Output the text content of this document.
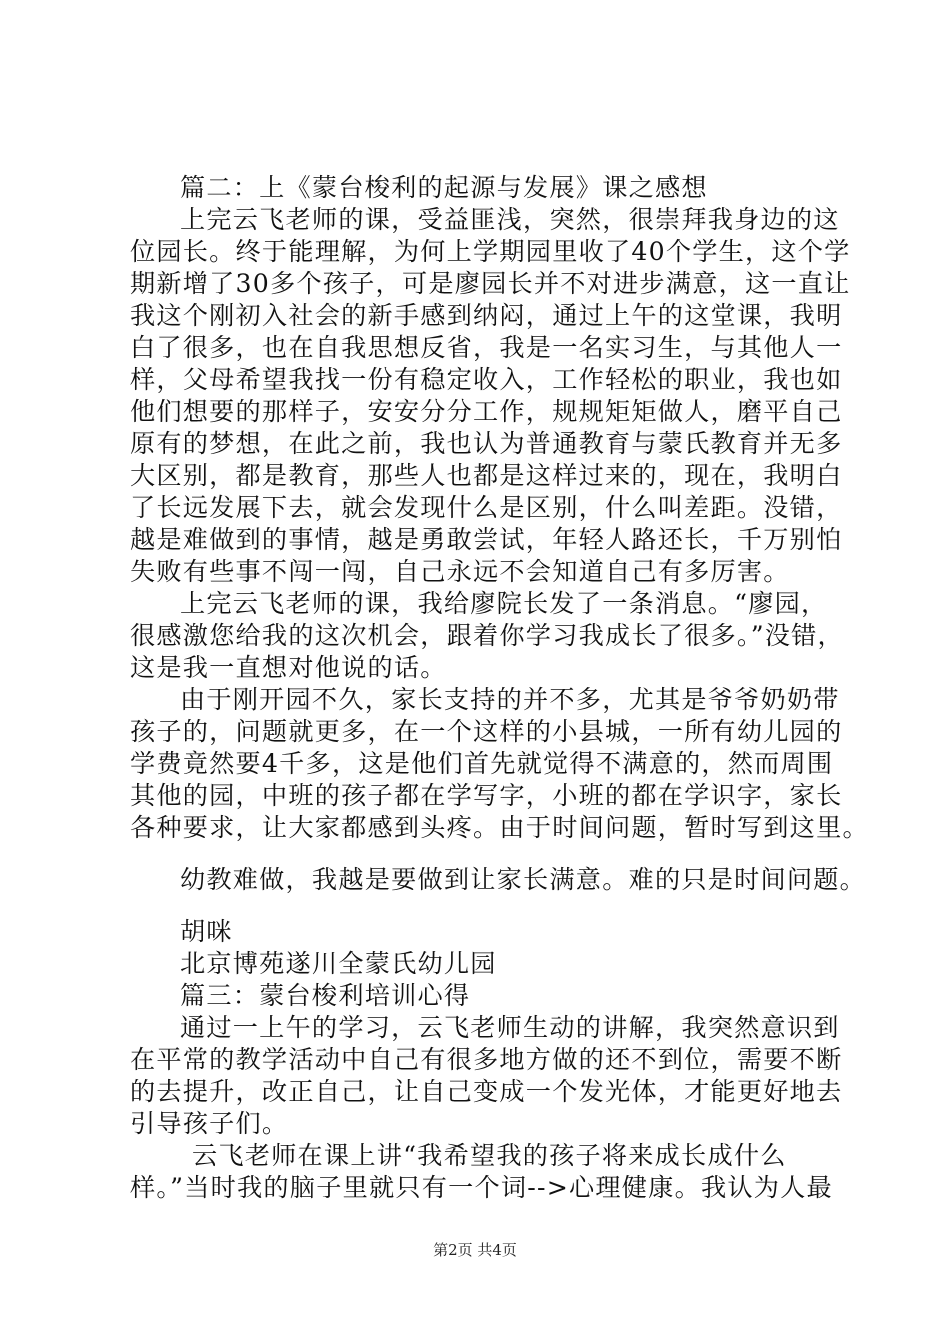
篇二：上《蒙台梭利的起源与发展》课之感想
上完云飞老师的课，受益匪浅，突然，很崇拜我身边的这
位园长。终于能理解，为何上学期园里收了40个学生，这个学
期新增了30多个孩子，可是廖园长并不对进步满意，这一直让
我这个刚初入社会的新手感到纳闷，通过上午的这堂课，我明
白了很多，也在自我思想反省，我是一名实习生，与其他人一
样，父母希望我找一份有稳定收入，工作轻松的职业，我也如
他们想要的那样子，安安分分工作，规规矩矩做人，磨平自己
原有的梦想，在此之前，我也认为普通教育与蒙氏教育并无多
大区别，都是教育，那些人也都是这样过来的，现在，我明白
了长远发展下去，就会发现什么是区别，什么叫差距。没错，
越是难做到的事情，越是勇敢尝试，年轻人路还长，千万别怕
失败有些事不闯一闯，自己永远不会知道自己有多厉害。
上完云飞老师的课，我给廖院长发了一条消息。“廖园，
很感激您给我的这次机会，跟着你学习我成长了很多。”没错，
这是我一直想对他说的话。
由于刚开园不久，家长支持的并不多，尤其是爷爷奶奶带
孩子的，问题就更多，在一个这样的小县城，一所有幼儿园的
学费竟然要4千多，这是他们首先就觉得不满意的，然而周围
其他的园，中班的孩子都在学写字，小班的都在学识字，家长
各种要求，让大家都感到头疼。由于时间问题，暂时写到这里。
幼教难做，我越是要做到让家长满意。难的只是时间问题。
胡咪
北京博苑遂川全蒙氏幼儿园
篇三：蒙台梭利培训心得
通过一上午的学习，云飞老师生动的讲解，我突然意识到
在平常的教学活动中自己有很多地方做的还不到位，需要不断
的去提升，改正自己，让自己变成一个发光体，才能更好地去
引导孩子们。
云飞老师在课上讲“我希望我的孩子将来成长成什么
样。”当时我的脑子里就只有一个词-->心理健康。我认为人最
第2页 共4页
